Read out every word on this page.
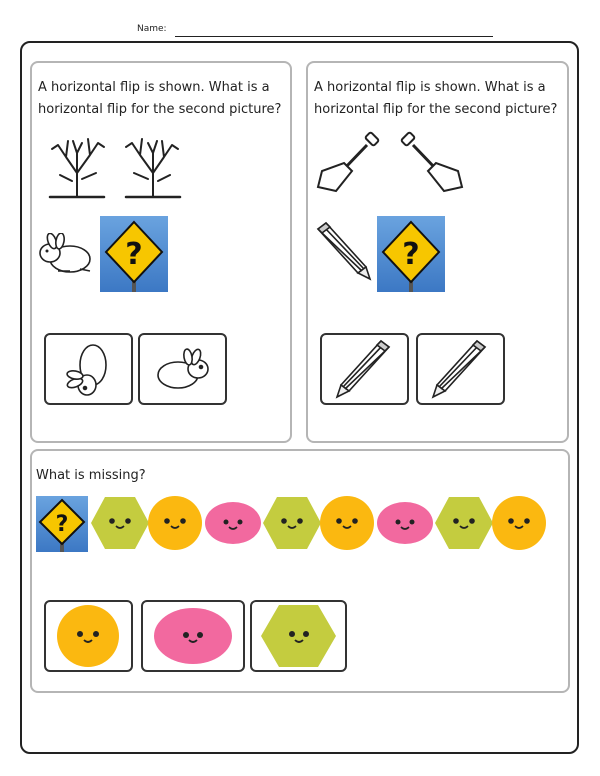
Name:
A horizontal flip is shown. What is a horizontal flip for the second picture?
?
A horizontal flip is shown. What is a horizontal flip for the second picture?
?
What is missing?
?
